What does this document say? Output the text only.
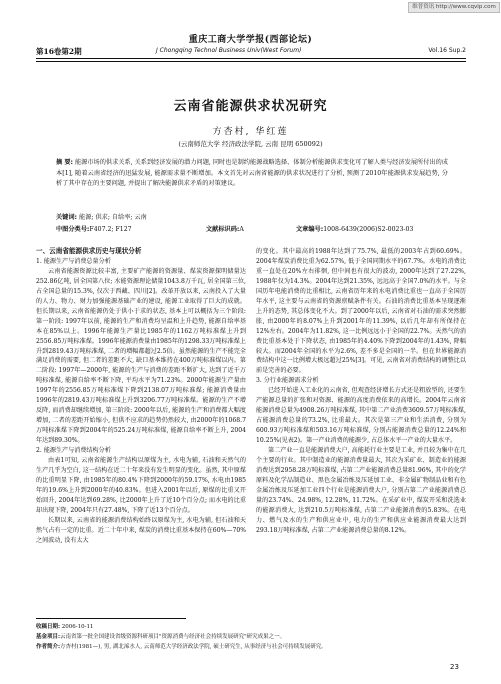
维普资讯 http://www.cqvip.com
重庆工商大学学报(西部论坛)
第16卷第2期	J Chongqing Technol Business Univ(West Forum)	Vol.16 Sup.2
云南省能源供求状况研究
方杏村, 华红莲
(云南师范大学 经济政法学院, 云南 昆明 650092)
摘 要: 能源市场的供求关系, 关系到经济发展的潜力问题, 同时也是制约能源战略选择、体制分析能源供求变化可了解人类与经济发展所付出的成本[1], 随着云南省经济的迅猛发展, 能源需求量不断增加。本文首先对云南省能源的供求状况进行了分析, 预测了2010年能源供求发展趋势, 分析了其中存在的主要问题, 并提出了解决能源供求矛盾的对策建议。
关键词: 能源; 供求; 自给率; 云南
中图分类号:F407.2; F127	文献标识码:A	文章编号:1008-6439(2006)S2-0023-03

一、云南省能源供求历史与现状分析

1. 能源生产与消费总量分析

云南省能源资源比较丰富, 主要矿产能源的资源量、煤炭资源探明储量达252.86亿吨, 居全国第八位; 水能资源理论储量1043.8万千瓦, 居全国第三位, 占全国总量的15.3%, 仅次于西藏、四川[2]。改革开放以来, 云南投入了大量的人力、物力、财力加强能源基础产业的建设, 能源工业取得了巨大的成就。但长期以来, 云南省能源仍处于供小于求的状态, 基本上可以概括为三个阶段: 第一阶段: 1997年以前, 能源的生产和消费均呈温和上升趋势, 能源自给率基本在85%以上。1996年能源生产量比1985年的1162万吨标准煤上升到2556.85万吨标准煤。1996年能源消费量由1985年的1298.33万吨标准煤上升到2819.43万吨标准煤, 二者的增幅都超过2.5倍。虽然能源的生产不能完全满足消费的需要, 但二者的差距不大, 缺口基本维持在400万吨标准煤以内。第二阶段: 1997年—2000年, 能源的生产与消费的差距不断扩大, 达到了近千万吨标准煤, 能源自给率不断下降, 平均水平为71.23%。2000年能源生产量由1997年的2556.85万吨标准煤下降到2138.07万吨标准煤; 能源消费量由1996年的2819.43万吨标准煤上升到3206.77万吨标准煤。能源的生产不增反降, 而消费却继续增加, 第三阶段: 2000年以后, 能源的生产和消费都大幅度增加, 二者的差距开始缩小, 但供不应求的趋势仍然较大, 由2000年的1068.7万吨标准煤下降到2004年的525.24万吨标准煤, 能源自给率不断上升, 2004年达到89.30%。

2. 能源生产与消费结构分析

由表1可知, 云南省能源生产结构以原煤为主, 水电为辅, 石油和天然气的生产几乎为空白, 这一结构在近二十年来没有发生明显的变化。虽然, 其中原煤的比重明显下降, 由1985年的80.4%下降到2000年的59.17%, 水电由1985年的19.6%上升到2000年的40.83%。但进入2001年以后, 原煤的比重又开始回升, 2004年达到69.28%, 比2000年上升了近10个百分点; 而水电的比重却出现下降, 2004年只有27.48%, 下降了近13个百分点。

长期以来, 云南省的能源消费结构始终以原煤为主, 水电为辅, 但石油和天然气占有一定的比重。近二十年中来, 煤炭的消费比重基本保持在60%—70%之间波动, 没有太大

的变化。其中最高的1988年达到了75.7%, 最低的2003年占到60.69%。2004年煤炭消费比重为62.57%, 低于全国同期水平的67.7%。水电的消费比重一直处在20%左右徘徊, 但中间也有很大的波动, 2000年达到了27.22%, 1988年仅为14.3%。2004年达到21.35%, 远远高于全国7.0%的水平。与全国历年电能消费的比重相比, 云南省历年来的水电消费比重也一直高于全国历年水平, 这主要与云南省的资源禀赋条件有关。石油的消费比重基本呈现逐渐上升的态势, 其总体变化不大。到了2000年以后, 云南省对石油的需求突然膨胀, 由2000年的8.07%上升到2001年的11.39%, 以后几年却有所保持在12%左右。2004年为11.82%, 这一比例远远小于全国的22.7%。天然气的消费比重基本处于下降状态, 由1985年的4.40%下降到2004年的1.43%, 降幅较大。而2004年全国的水平为2.6%, 差不多是全国的一半。但在世界能源消费结构中这一比例增大极远超过25%[3]。可见, 云南省对消费结构的调整比以前是完善的必要。

3. 分行业能源需求分析

已经开始进入工业化的云南省, 但观查经济增长方式还是粗放型的, 还要生产能源总量的扩张和对资源、能源的高度消费依来的高增长。2004年云南省能源消费总量为4908.26万吨标准煤, 其中第二产业消费3609.57万吨标准煤, 占能源消费总量的73.2%, 比重最大。其次是第三产业和生活消费, 分别为600.93万吨标准煤和503.16万吨标准煤, 分别占能源消费总量的12.24%和10.25%(见表2)。第一产业消费的能源少, 占总体水平一产业的大量水平。

第二产业一直是能源消费大户, 高能耗行业主要是工业, 并且较为集中在几个主要的行业。其中制造业的能源消费量最大, 其次为采矿业、制造业的能源消费达到2958.28万吨标准煤, 占第二产业能源消费总量81.96%, 其中的化学原料及化学品制造业、黑色金属冶炼及压延加工业、非金属矿物制品业和有色金属冶炼及压延加工业四个行业是能源消费大户, 分别占第二产业能源消费总量的23.74%、24.98%, 12.28%, 11.72%。在采矿业中, 煤炭开采和洗选业的能源消费大, 达到210.5万吨标准煤, 占第二产业能源消费的5.83%。在电力、燃气及水的生产和供应业中, 电力的生产和供应业能源消费最大达到293.18万吨标准煤, 占第二产业能源消费总量的8.12%。

收稿日期: 2006-10-11
基金项目:云南省第一批全国建设省级资源科研项目"资源消费与经济社会持续发展研究"研究成果之一。
作者简介:方杏村(1981—), 男, 湖北浠水人, 云南师范大学经济政法学院, 硕士研究生, 从事经济与社会可持续发展研究。
23
